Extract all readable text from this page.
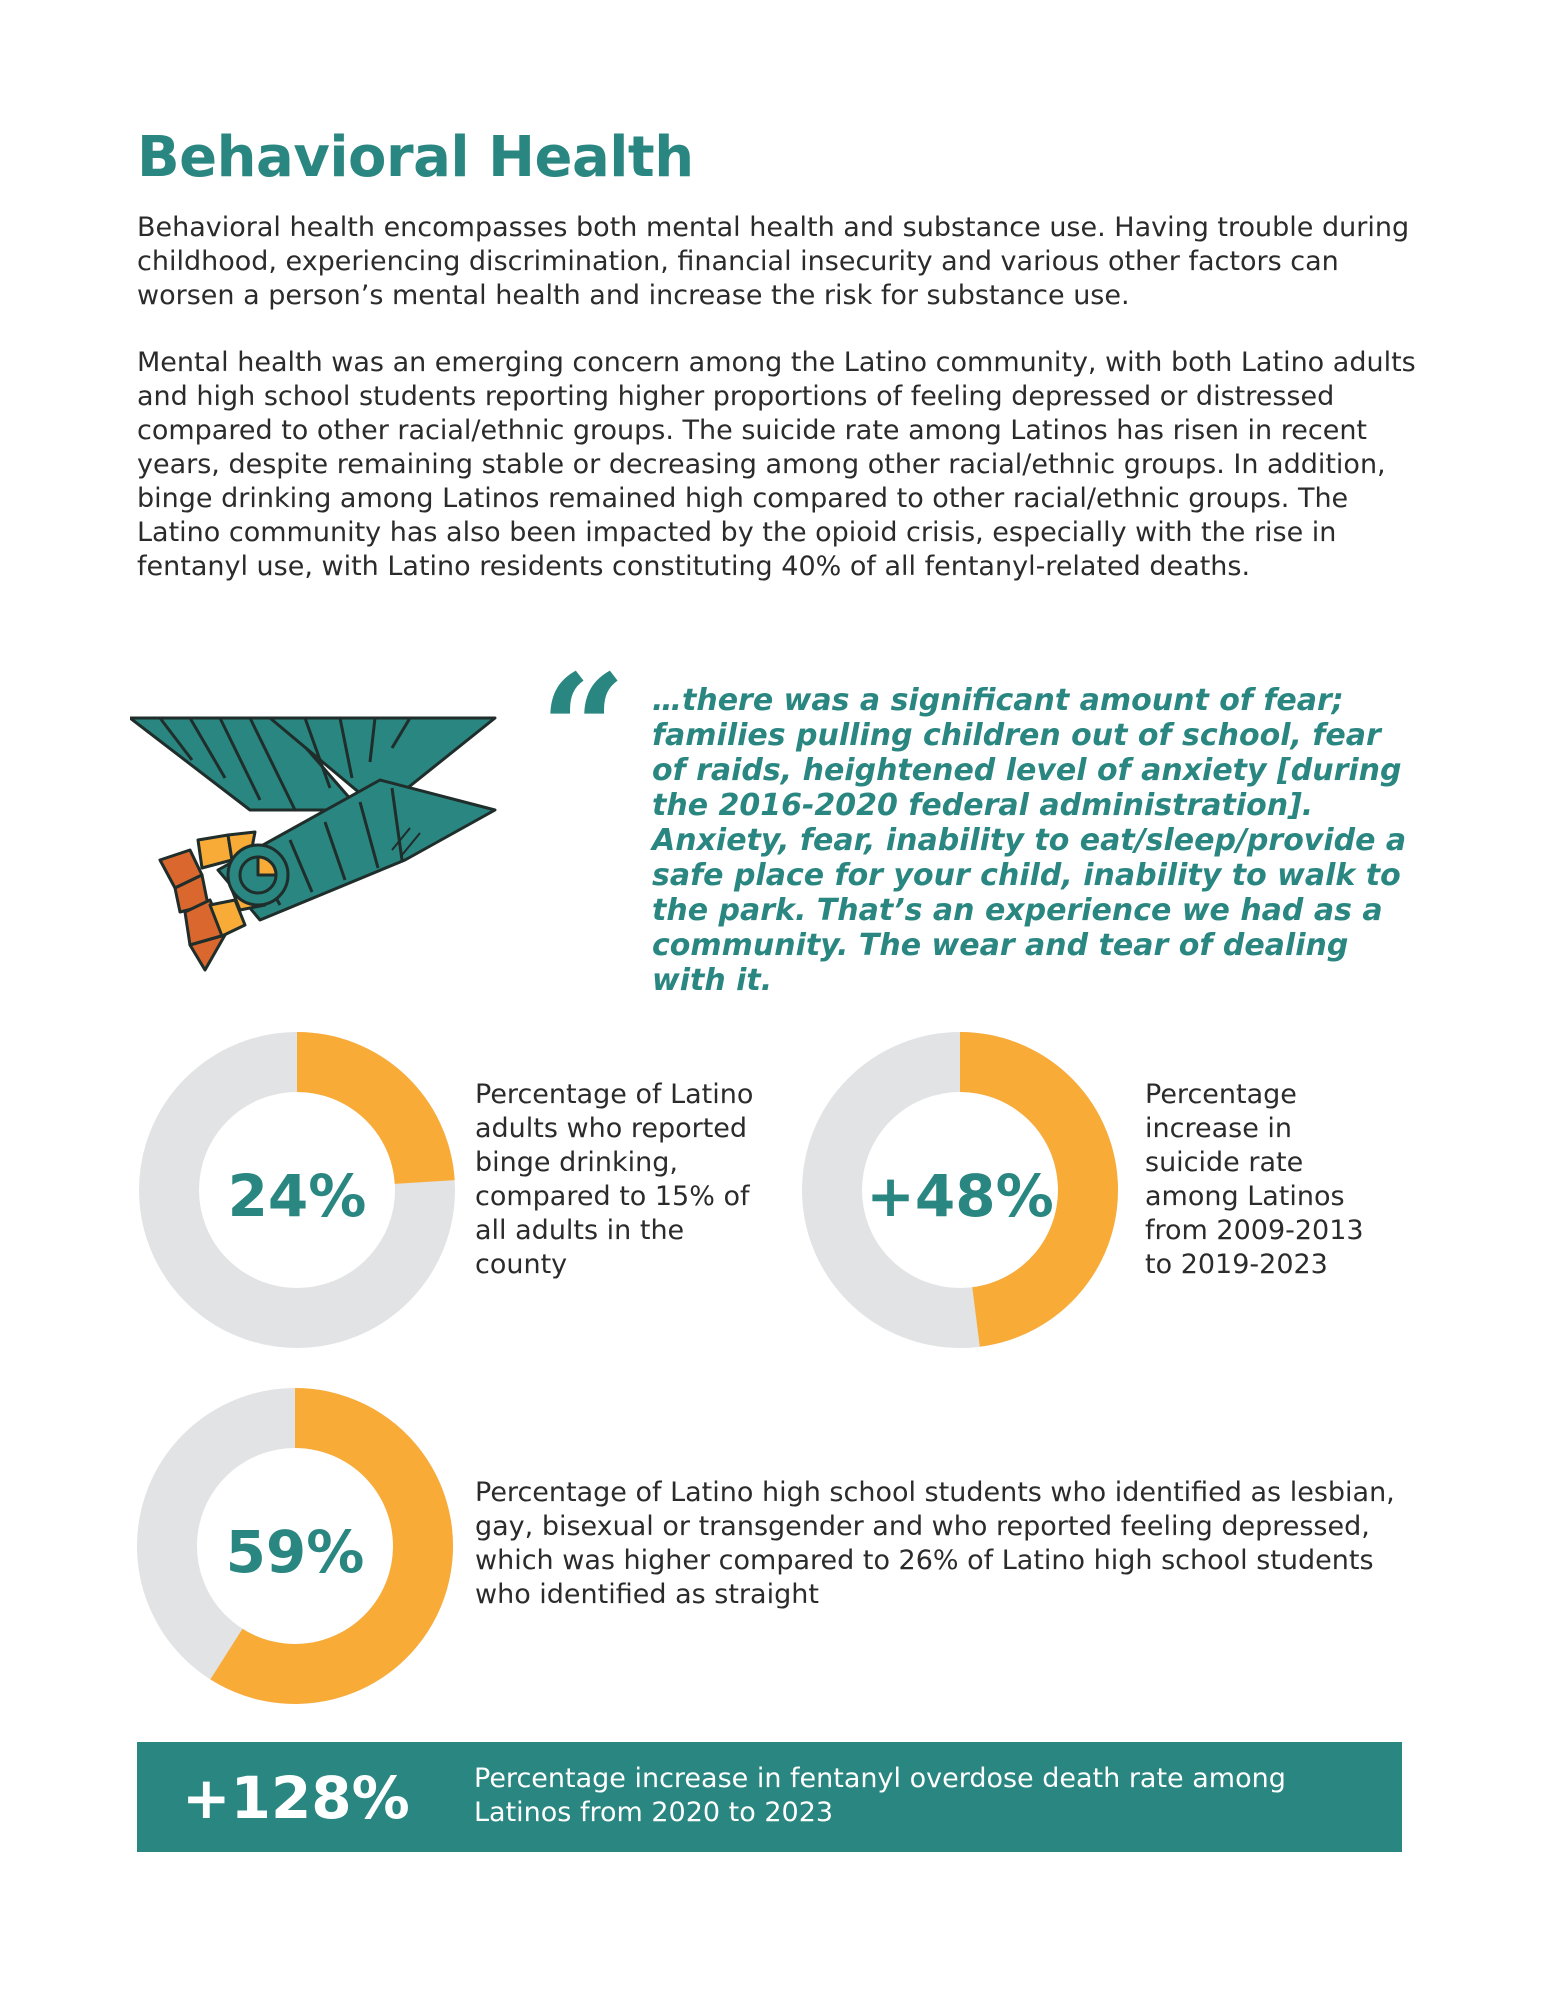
Behavioral Health

Behavioral health encompasses both mental health and substance use. Having trouble during childhood, experiencing discrimination, financial insecurity and various other factors can worsen a person’s mental health and increase the risk for substance use.

Mental health was an emerging concern among the Latino community, with both Latino adults and high school students reporting higher proportions of feeling depressed or distressed compared to other racial/ethnic groups. The suicide rate among Latinos has risen in recent years, despite remaining stable or decreasing among other racial/ethnic groups. In addition, binge drinking among Latinos remained high compared to other racial/ethnic groups. The Latino community has also been impacted by the opioid crisis, especially with the rise in fentanyl use, with Latino residents constituting 40% of all fentanyl-related deaths.

“ …there was a significant amount of fear; families pulling children out of school, fear of raids, heightened level of anxiety [during the 2016-2020 federal administration]. Anxiety, fear, inability to eat/sleep/provide a safe place for your child, inability to walk to the park. That’s an experience we had as a community. The wear and tear of dealing with it.

24%

Percentage of Latino adults who reported binge drinking, compared to 15% of all adults in the county

+48%

Percentage increase in suicide rate among Latinos from 2009-2013 to 2019-2023

59%

Percentage of Latino high school students who identified as lesbian, gay, bisexual or transgender and who reported feeling depressed, which was higher compared to 26% of Latino high school students who identified as straight

+128% Percentage increase in fentanyl overdose death rate among Latinos from 2020 to 2023
